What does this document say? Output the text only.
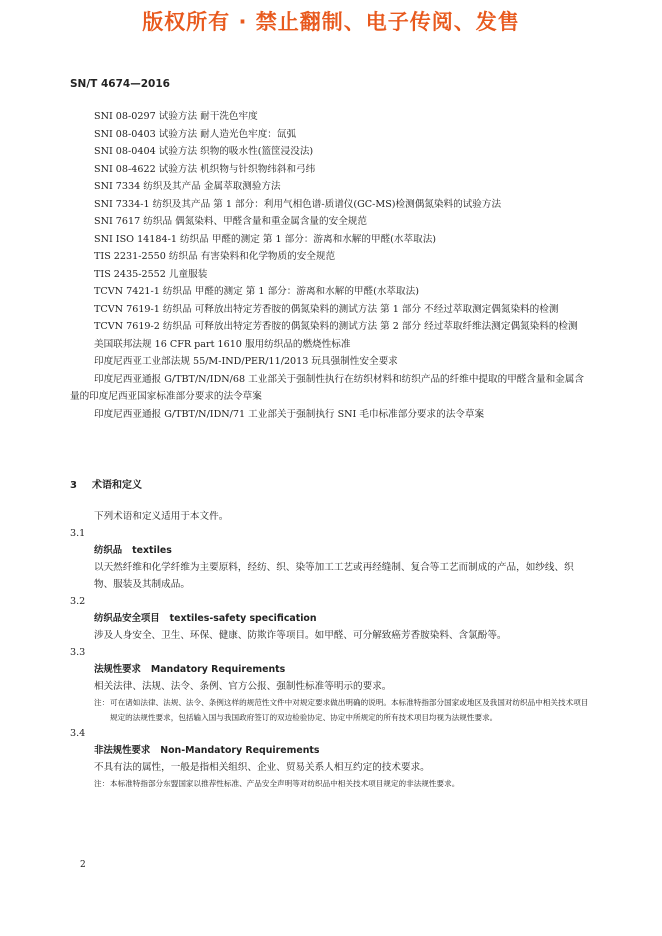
版权所有 · 禁止翻制、电子传阅、发售
SN/T 4674—2016

SNI 08-0297 试验方法 耐干洗色牢度

SNI 08-0403 试验方法 耐人造光色牢度：氙弧

SNI 08-0404 试验方法 织物的吸水性(篮筐浸没法)

SNI 08-4622 试验方法 机织物与针织物纬斜和弓纬

SNI 7334 纺织及其产品 金属萃取测验方法

SNI 7334-1 纺织及其产品 第 1 部分：利用气相色谱-质谱仪(GC-MS)检测偶氮染料的试验方法

SNI 7617 纺织品 偶氮染料、甲醛含量和重金属含量的安全规范

SNI ISO 14184-1 纺织品 甲醛的测定 第 1 部分：游离和水解的甲醛(水萃取法)

TIS 2231-2550 纺织品 有害染料和化学物质的安全规范

TIS 2435-2552 儿童服装

TCVN 7421-1 纺织品 甲醛的测定 第 1 部分：游离和水解的甲醛(水萃取法)

TCVN 7619-1 纺织品 可释放出特定芳香胺的偶氮染料的测试方法 第 1 部分 不经过萃取测定偶氮染料的检测

TCVN 7619-2 纺织品 可释放出特定芳香胺的偶氮染料的测试方法 第 2 部分 经过萃取纤维法测定偶氮染料的检测

美国联邦法规 16 CFR part 1610 服用纺织品的燃烧性标准

印度尼西亚工业部法规 55/M-IND/PER/11/2013 玩具强制性安全要求

印度尼西亚通报 G/TBT/N/IDN/68 工业部关于强制性执行在纺织材料和纺织产品的纤维中提取的甲醛含量和金属含量的印度尼西亚国家标准部分要求的法令草案

印度尼西亚通报 G/TBT/N/IDN/71 工业部关于强制执行 SNI 毛巾标准部分要求的法令草案

3 术语和定义

下列术语和定义适用于本文件。

3.1

纺织品 textiles

以天然纤维和化学纤维为主要原料，经纺、织、染等加工工艺或再经缝制、复合等工艺而制成的产品，如纱线、织物、服装及其制成品。

3.2

纺织品安全项目 textiles-safety specification

涉及人身安全、卫生、环保、健康、防欺诈等项目。如甲醛、可分解致癌芳香胺染料、含氯酚等。

3.3

法规性要求 Mandatory Requirements

相关法律、法规、法令、条例、官方公报、强制性标准等明示的要求。

注： 可在诸如法律、法规、法令、条例这样的规范性文件中对规定要求做出明确的说明。本标准特指部分国家或地区及我国对纺织品中相关技术项目规定的法规性要求，包括输入国与我国政府签订的双边检验协定、协定中所规定的所有技术项目均视为法规性要求。

3.4

非法规性要求 Non-Mandatory Requirements

不具有法的属性，一般是指相关组织、企业、贸易关系人相互约定的技术要求。

注： 本标准特指部分东盟国家以推荐性标准、产品安全声明等对纺织品中相关技术项目规定的非法规性要求。

2
